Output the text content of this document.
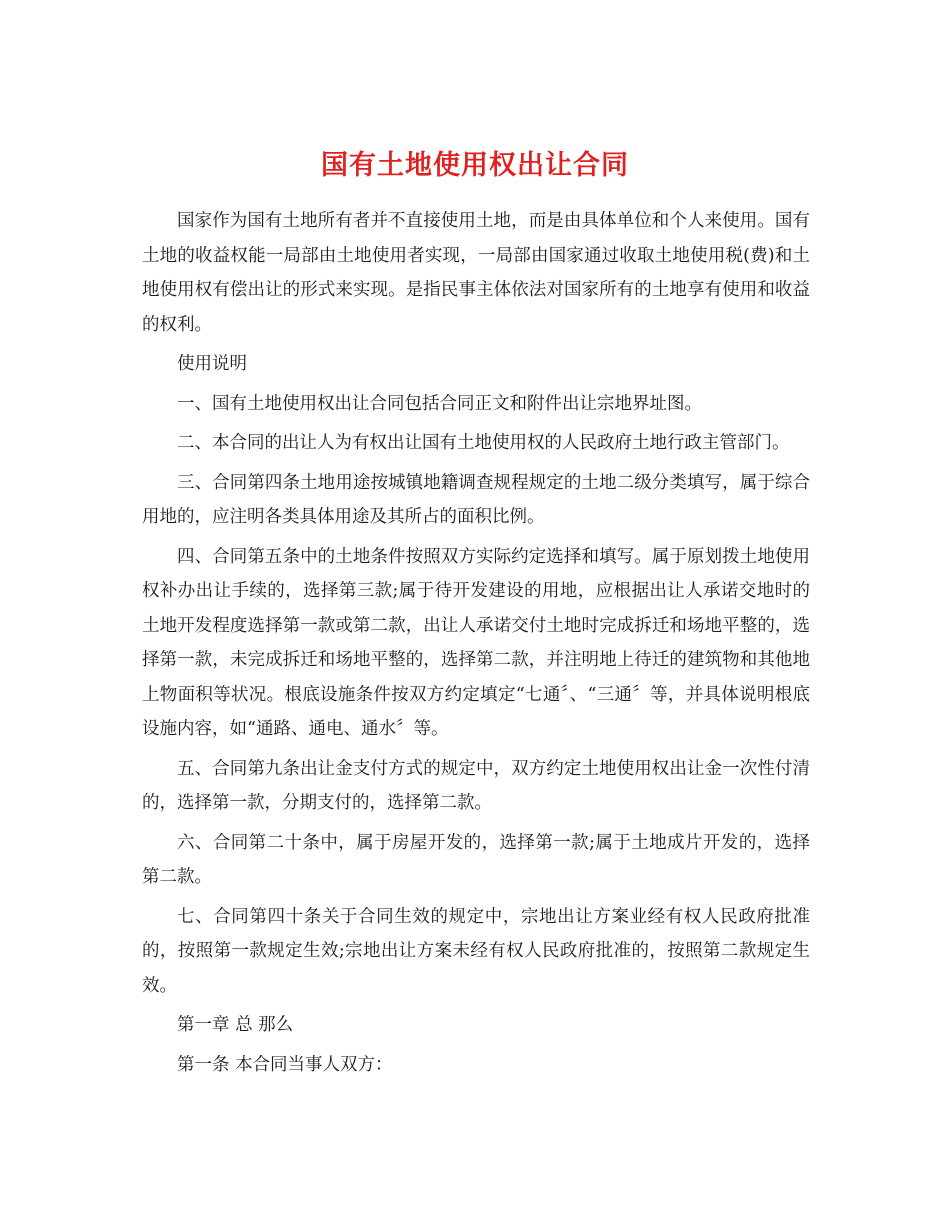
国有土地使用权出让合同

国家作为国有土地所有者并不直接使用土地，而是由具体单位和个人来使用。国有土地的收益权能一局部由土地使用者实现，一局部由国家通过收取土地使用税(费)和土地使用权有偿出让的形式来实现。是指民事主体依法对国家所有的土地享有使用和收益的权利。

使用说明

一、国有土地使用权出让合同包括合同正文和附件出让宗地界址图。

二、本合同的出让人为有权出让国有土地使用权的人民政府土地行政主管部门。

三、合同第四条土地用途按城镇地籍调查规程规定的土地二级分类填写，属于综合用地的，应注明各类具体用途及其所占的面积比例。

四、合同第五条中的土地条件按照双方实际约定选择和填写。属于原划拨土地使用权补办出让手续的，选择第三款;属于待开发建设的用地，应根据出让人承诺交地时的土地开发程度选择第一款或第二款，出让人承诺交付土地时完成拆迁和场地平整的，选择第一款，未完成拆迁和场地平整的，选择第二款，并注明地上待迁的建筑物和其他地上物面积等状况。根底设施条件按双方约定填定“七通〞、“三通〞等，并具体说明根底设施内容，如“通路、通电、通水〞等。

五、合同第九条出让金支付方式的规定中，双方约定土地使用权出让金一次性付清的，选择第一款，分期支付的，选择第二款。

六、合同第二十条中，属于房屋开发的，选择第一款;属于土地成片开发的，选择第二款。

七、合同第四十条关于合同生效的规定中，宗地出让方案业经有权人民政府批准的，按照第一款规定生效;宗地出让方案未经有权人民政府批准的，按照第二款规定生效。

第一章 总 那么

第一条 本合同当事人双方：
